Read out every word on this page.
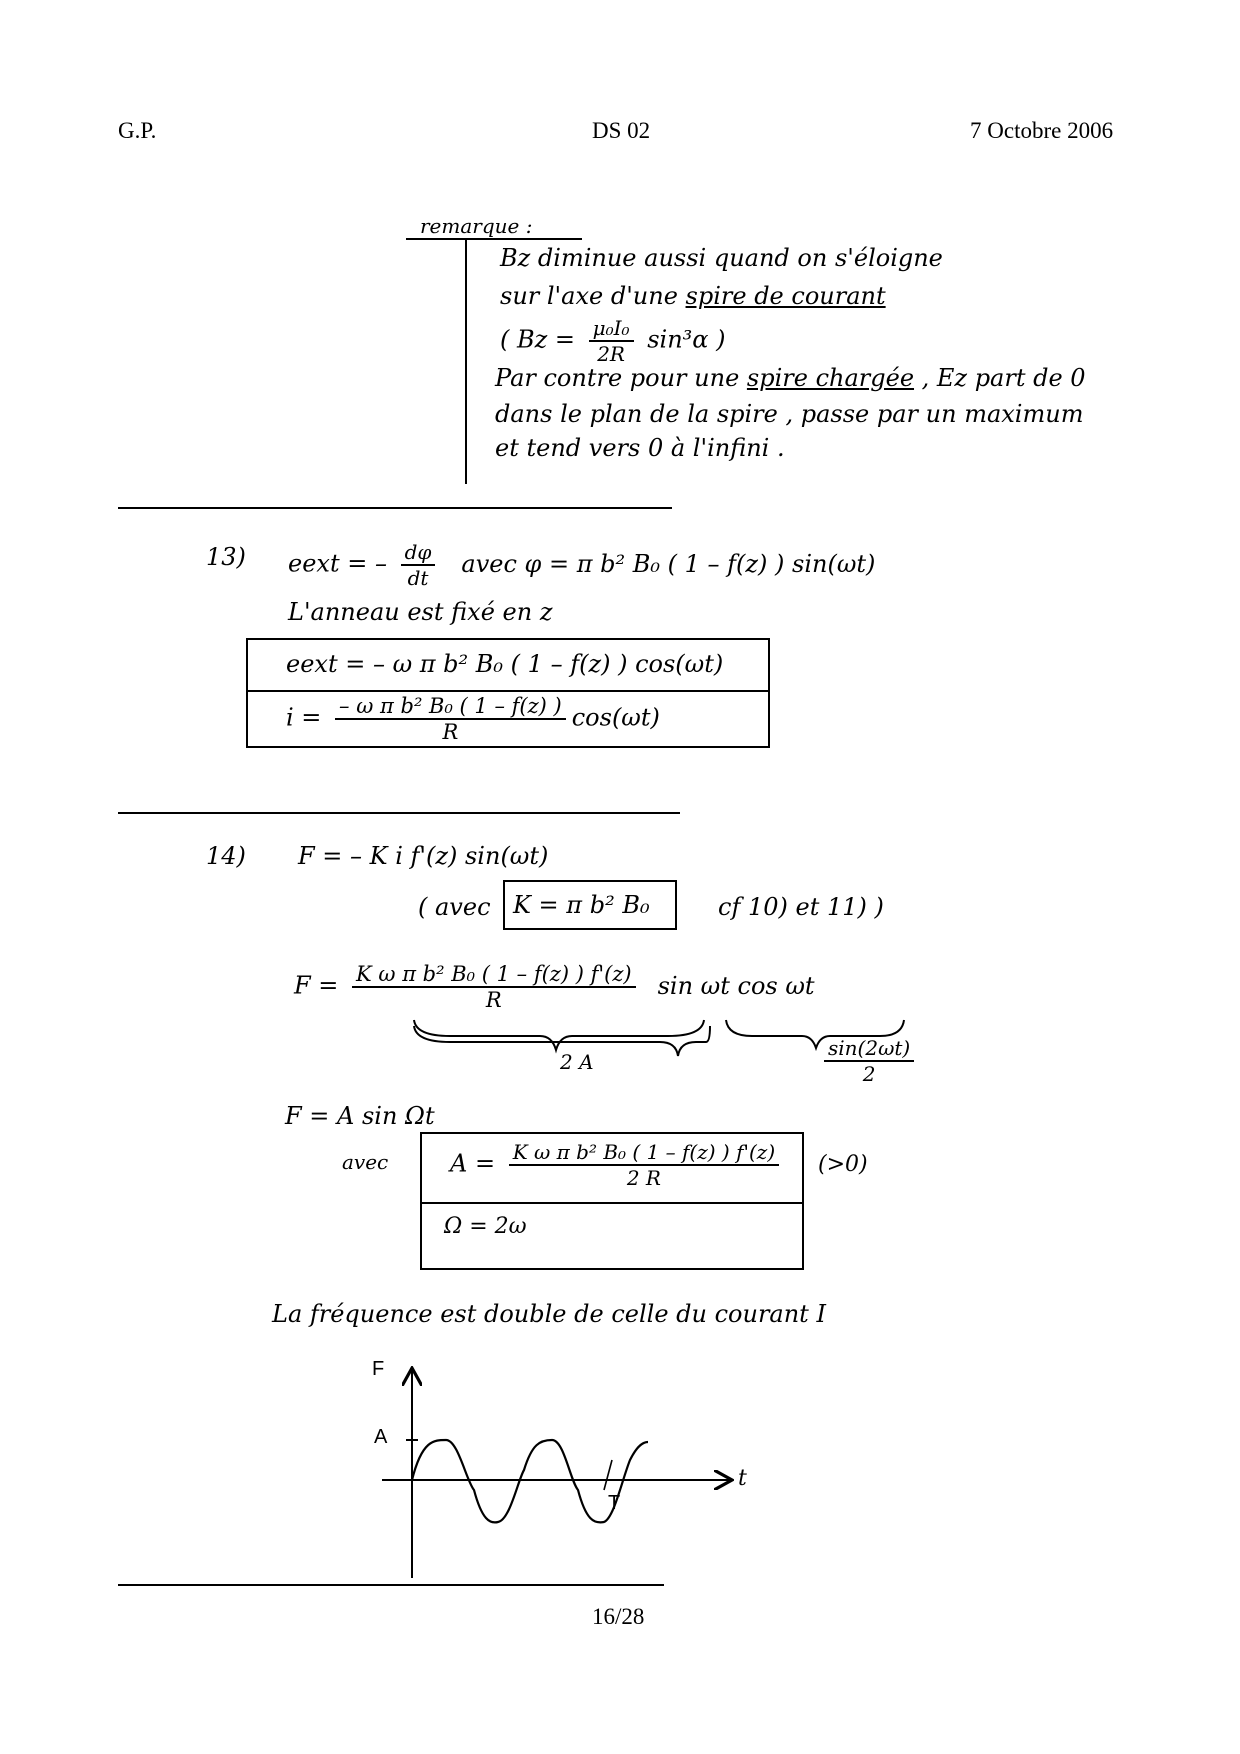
G.P.	DS 02	7 Octobre 2006
remarque :
Bz diminue aussi quand on s'éloigne
sur l'axe d'une spire de courant
( $Bz = \frac{\text{μ₀I₀}}{2R} \sin^3\alpha$ )
Par contre pour une spire chargée , Ez part de 0
dans le plan de la spire , passe par un maximum
et tend vers 0 à l'infini .
13) eext = – $\frac{d\varphi}{dt}$ avec φ = π b² B₀ ( 1 – f(z) ) sin(ωt)
L'anneau est fixé en z
eext = – ω π b² B₀ ( 1 – f(z) ) cos(ωt)
$i = \frac{\text{– ω π b² B₀ ( 1 – f(z) )}}{R} \cos(\omega t)$
14) F = – K i f'(z) sin(ωt)
( avec K = π b² B₀	cf 10) et 11) )
$F = \frac{\text{K ω π b² B₀ ( 1 – f(z) ) f'(z)}}{R}$ sin ωt cos ωt
2 A	$\frac{\sin(2\omega t)}{2}$
F = A sin Ωt
avec	$A = \frac{\text{K ω π b² B₀ ( 1 – f(z) ) f'(z)}}{2 R}$
Ω = 2ω
(>0)
La fréquence est double de celle du courant I
F
t
A
T
16/28
